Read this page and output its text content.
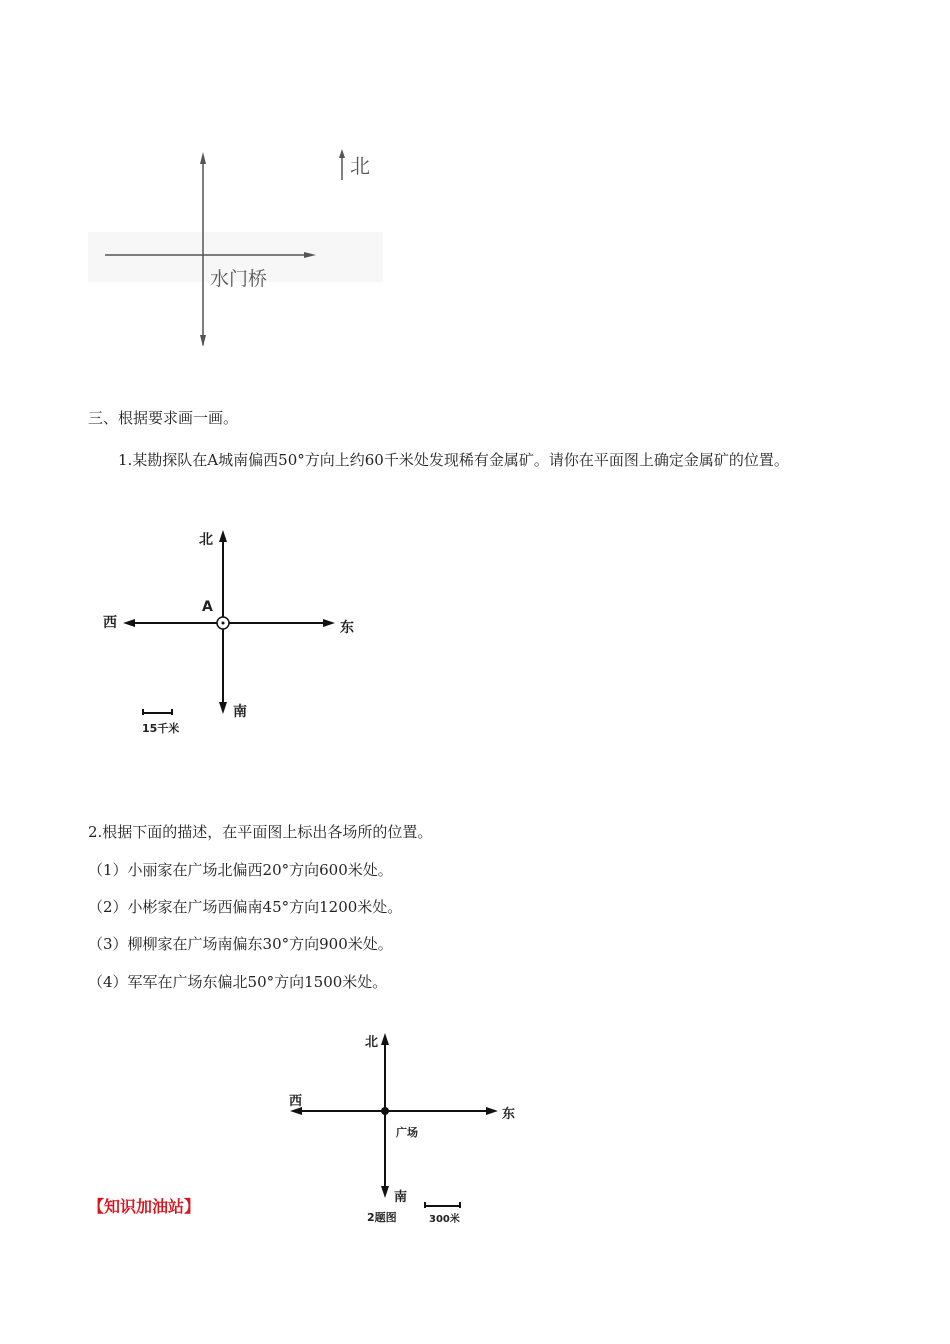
北
水门桥
三、根据要求画一画。
1.某勘探队在A城南偏西50°方向上约60千米处发现稀有金属矿。请你在平面图上确定金属矿的位置。
北
A
西	东
南
15千米
2.根据下面的描述，在平面图上标出各场所的位置。
（1）小丽家在广场北偏西20°方向600米处。
（2）小彬家在广场西偏南45°方向1200米处。
（3）柳柳家在广场南偏东30°方向900米处。
（4）军军在广场东偏北50°方向1500米处。
北
西
东
广场
南
2题图	300米
【知识加油站】
